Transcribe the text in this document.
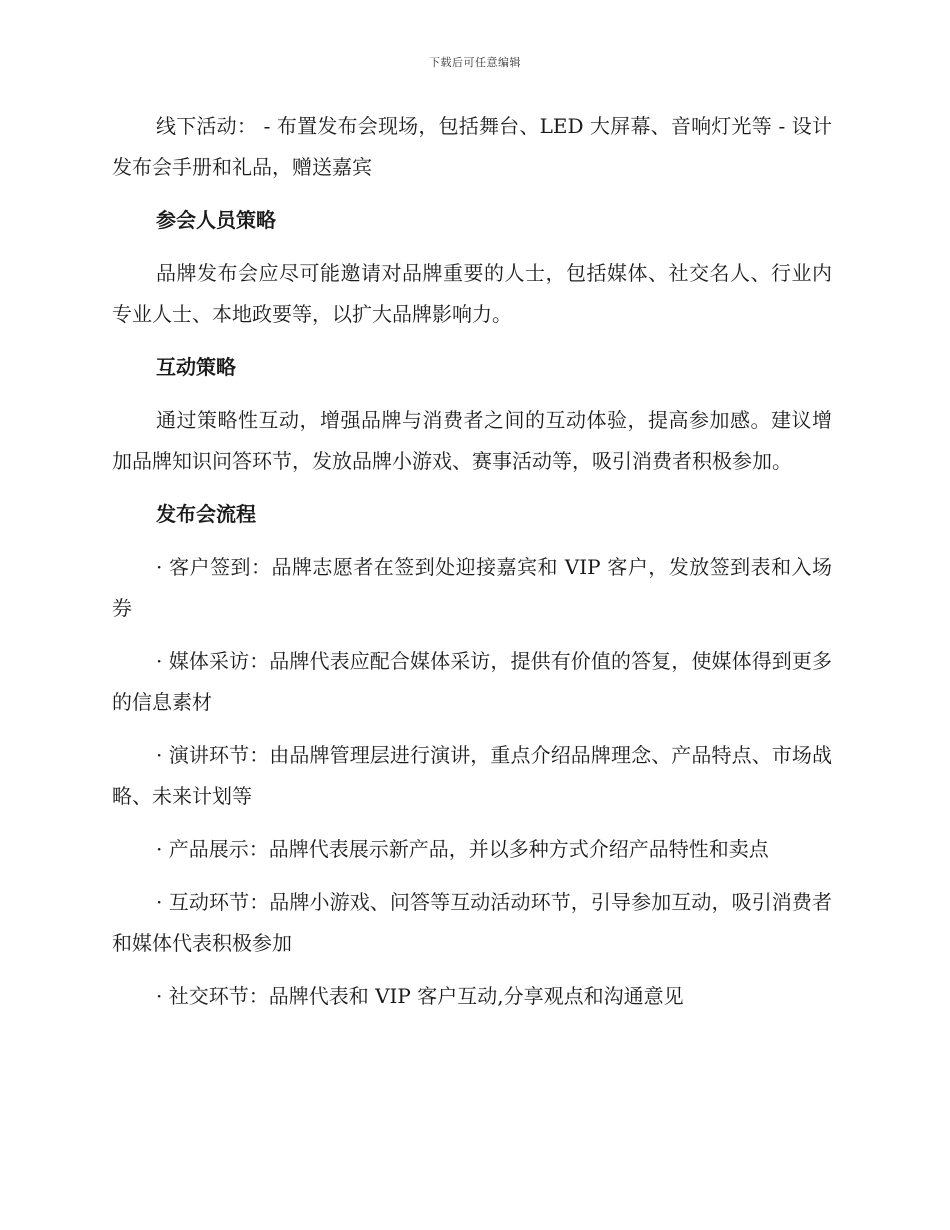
下载后可任意编辑

线下活动： - 布置发布会现场，包括舞台、LED 大屏幕、音响灯光等 - 设计发布会手册和礼品，赠送嘉宾

参会人员策略

品牌发布会应尽可能邀请对品牌重要的人士，包括媒体、社交名人、行业内专业人士、本地政要等，以扩大品牌影响力。

互动策略

通过策略性互动，增强品牌与消费者之间的互动体验，提高参加感。建议增加品牌知识问答环节，发放品牌小游戏、赛事活动等，吸引消费者积极参加。

发布会流程

· 客户签到：品牌志愿者在签到处迎接嘉宾和 VIP 客户，发放签到表和入场券

· 媒体采访：品牌代表应配合媒体采访，提供有价值的答复，使媒体得到更多的信息素材

· 演讲环节：由品牌管理层进行演讲，重点介绍品牌理念、产品特点、市场战略、未来计划等

· 产品展示：品牌代表展示新产品，并以多种方式介绍产品特性和卖点

· 互动环节：品牌小游戏、问答等互动活动环节，引导参加互动，吸引消费者和媒体代表积极参加

· 社交环节：品牌代表和 VIP 客户互动,分享观点和沟通意见
